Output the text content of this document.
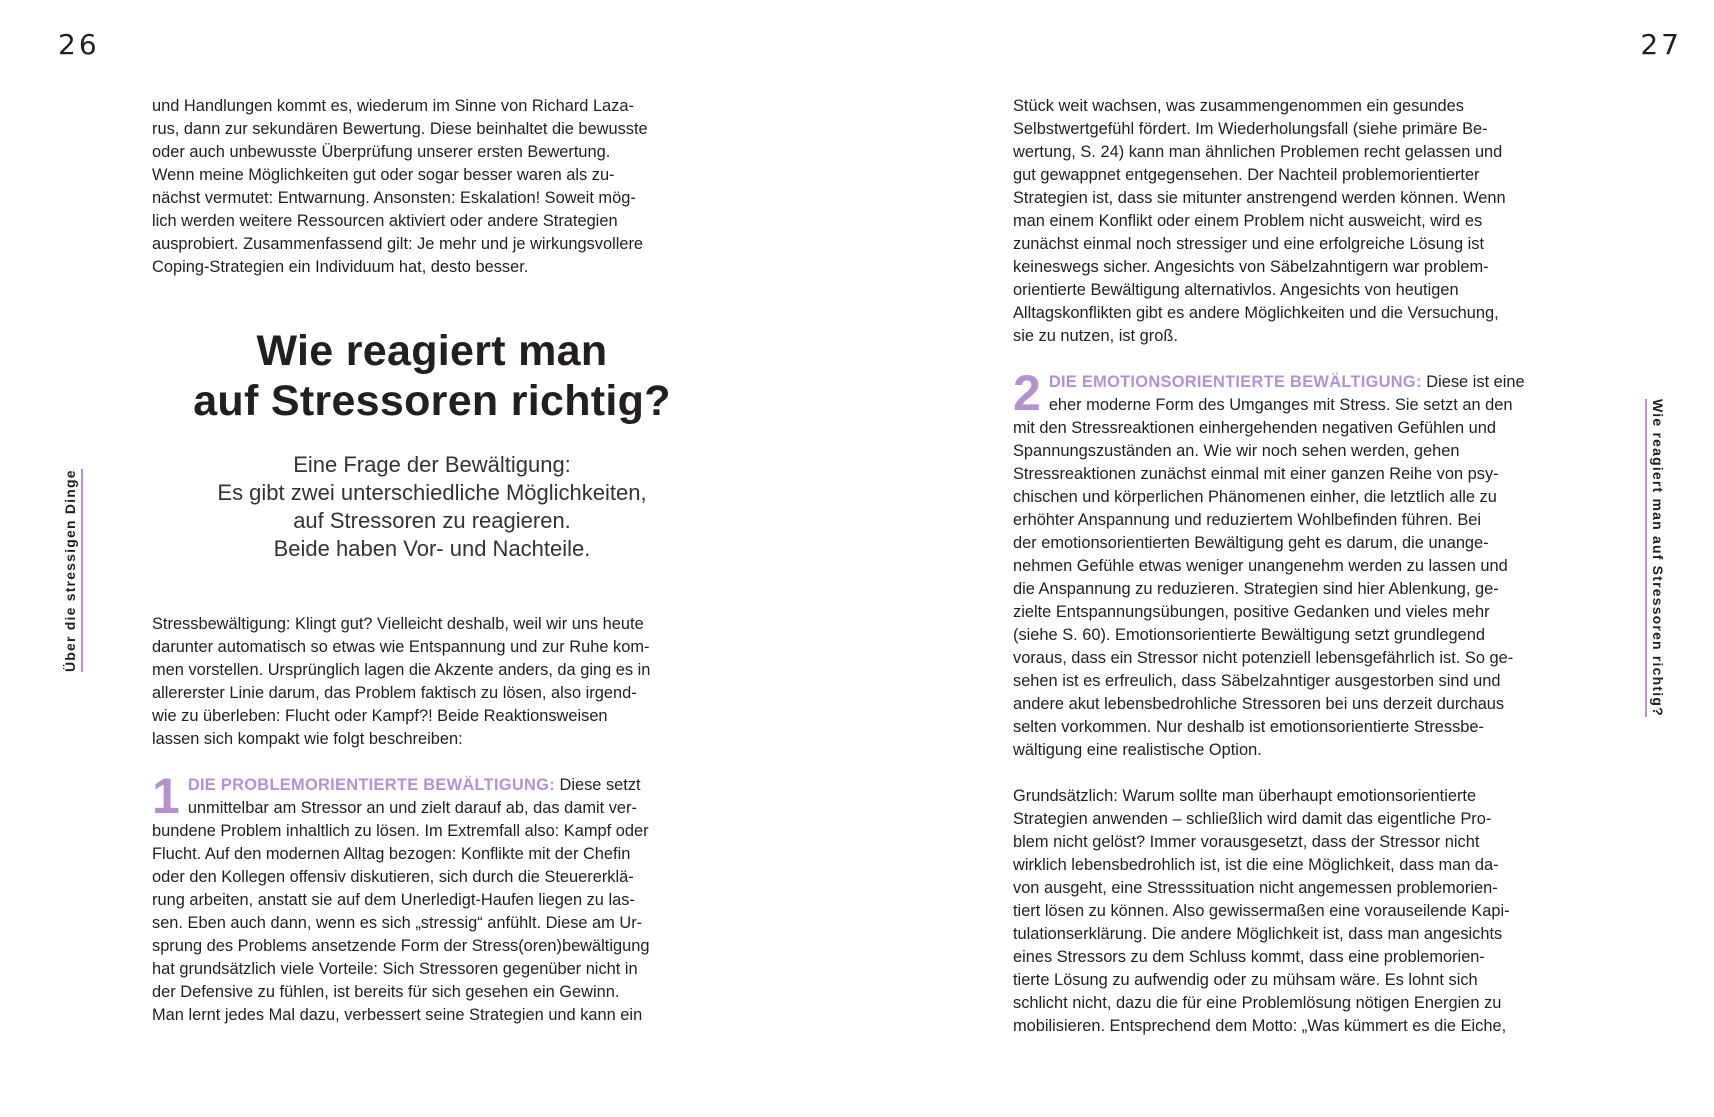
26
Über die stressigen Dinge
und Handlungen kommt es, wiederum im Sinne von Richard Laza-
rus, dann zur sekundären Bewertung. Diese beinhaltet die bewusste
oder auch unbewusste Überprüfung unserer ersten Bewertung.
Wenn meine Möglichkeiten gut oder sogar besser waren als zu-
nächst vermutet: Entwarnung. Ansonsten: Eskalation! Soweit mög-
lich werden weitere Ressourcen aktiviert oder andere Strategien
ausprobiert. Zusammenfassend gilt: Je mehr und je wirkungsvollere
Coping-Strategien ein Individuum hat, desto besser.
Wie reagiert man
auf Stressoren richtig?
Eine Frage der Bewältigung:
Es gibt zwei unterschiedliche Möglichkeiten,
auf Stressoren zu reagieren.
Beide haben Vor- und Nachteile.
Stressbewältigung: Klingt gut? Vielleicht deshalb, weil wir uns heute
darunter automatisch so etwas wie Entspannung und zur Ruhe kom-
men vorstellen. Ursprünglich lagen die Akzente anders, da ging es in
allererster Linie darum, das Problem faktisch zu lösen, also irgend-
wie zu überleben: Flucht oder Kampf?! Beide Reaktionsweisen
lassen sich kompakt wie folgt beschreiben:
1 DIE PROBLEMORIENTIERTE BEWÄLTIGUNG: Diese setzt
unmittelbar am Stressor an und zielt darauf ab, das damit ver-
bundene Problem inhaltlich zu lösen. Im Extremfall also: Kampf oder
Flucht. Auf den modernen Alltag bezogen: Konflikte mit der Chefin
oder den Kollegen offensiv diskutieren, sich durch die Steuererklä-
rung arbeiten, anstatt sie auf dem Unerledigt-Haufen liegen zu las-
sen. Eben auch dann, wenn es sich „stressig“ anfühlt. Diese am Ur-
sprung des Problems ansetzende Form der Stress(oren)bewältigung
hat grundsätzlich viele Vorteile: Sich Stressoren gegenüber nicht in
der Defensive zu fühlen, ist bereits für sich gesehen ein Gewinn.
Man lernt jedes Mal dazu, verbessert seine Strategien und kann ein
27
Wie reagiert man auf Stressoren richtig?
Stück weit wachsen, was zusammengenommen ein gesundes
Selbstwertgefühl fördert. Im Wiederholungsfall (siehe primäre Be-
wertung, S. 24) kann man ähnlichen Problemen recht gelassen und
gut gewappnet entgegensehen. Der Nachteil problemorientierter
Strategien ist, dass sie mitunter anstrengend werden können. Wenn
man einem Konflikt oder einem Problem nicht ausweicht, wird es
zunächst einmal noch stressiger und eine erfolgreiche Lösung ist
keineswegs sicher. Angesichts von Säbelzahntigern war problem-
orientierte Bewältigung alternativlos. Angesichts von heutigen
Alltagskonflikten gibt es andere Möglichkeiten und die Versuchung,
sie zu nutzen, ist groß.
2 DIE EMOTIONSORIENTIERTE BEWÄLTIGUNG: Diese ist eine
eher moderne Form des Umganges mit Stress. Sie setzt an den
mit den Stressreaktionen einhergehenden negativen Gefühlen und
Spannungszuständen an. Wie wir noch sehen werden, gehen
Stressreaktionen zunächst einmal mit einer ganzen Reihe von psy-
chischen und körperlichen Phänomenen einher, die letztlich alle zu
erhöhter Anspannung und reduziertem Wohlbefinden führen. Bei
der emotionsorientierten Bewältigung geht es darum, die unange-
nehmen Gefühle etwas weniger unangenehm werden zu lassen und
die Anspannung zu reduzieren. Strategien sind hier Ablenkung, ge-
zielte Entspannungsübungen, positive Gedanken und vieles mehr
(siehe S. 60). Emotionsorientierte Bewältigung setzt grundlegend
voraus, dass ein Stressor nicht potenziell lebensgefährlich ist. So ge-
sehen ist es erfreulich, dass Säbelzahntiger ausgestorben sind und
andere akut lebensbedrohliche Stressoren bei uns derzeit durchaus
selten vorkommen. Nur deshalb ist emotionsorientierte Stressbe-
wältigung eine realistische Option.
Grundsätzlich: Warum sollte man überhaupt emotionsorientierte
Strategien anwenden – schließlich wird damit das eigentliche Pro-
blem nicht gelöst? Immer vorausgesetzt, dass der Stressor nicht
wirklich lebensbedrohlich ist, ist die eine Möglichkeit, dass man da-
von ausgeht, eine Stresssituation nicht angemessen problemorien-
tiert lösen zu können. Also gewissermaßen eine vorauseilende Kapi-
tulationserklärung. Die andere Möglichkeit ist, dass man angesichts
eines Stressors zu dem Schluss kommt, dass eine problemorien-
tierte Lösung zu aufwendig oder zu mühsam wäre. Es lohnt sich
schlicht nicht, dazu die für eine Problemlösung nötigen Energien zu
mobilisieren. Entsprechend dem Motto: „Was kümmert es die Eiche,
